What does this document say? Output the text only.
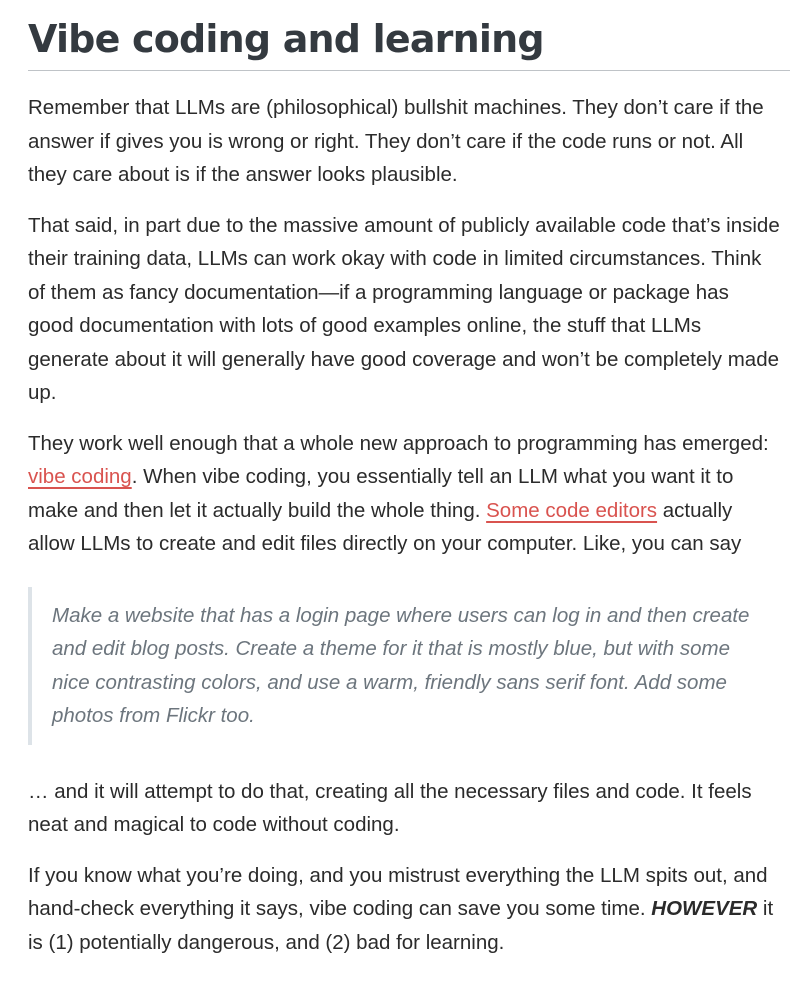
Vibe coding and learning

Remember that LLMs are (philosophical) bullshit machines. They don’t care if the answer if gives you is wrong or right. They don’t care if the code runs or not. All they care about is if the answer looks plausible.

That said, in part due to the massive amount of publicly available code that’s inside their training data, LLMs can work okay with code in limited circumstances. Think of them as fancy documentation—if a programming language or package has good documentation with lots of good examples online, the stuff that LLMs generate about it will generally have good coverage and won’t be completely made up.

They work well enough that a whole new approach to programming has emerged: vibe coding. When vibe coding, you essentially tell an LLM what you want it to make and then let it actually build the whole thing. Some code editors actually allow LLMs to create and edit files directly on your computer. Like, you can say

Make a website that has a login page where users can log in and then create and edit blog posts. Create a theme for it that is mostly blue, but with some nice contrasting colors, and use a warm, friendly sans serif font. Add some photos from Flickr too.

… and it will attempt to do that, creating all the necessary files and code. It feels neat and magical to code without coding.

If you know what you’re doing, and you mistrust everything the LLM spits out, and hand-check everything it says, vibe coding can save you some time. HOWEVER it is (1) potentially dangerous, and (2) bad for learning.
